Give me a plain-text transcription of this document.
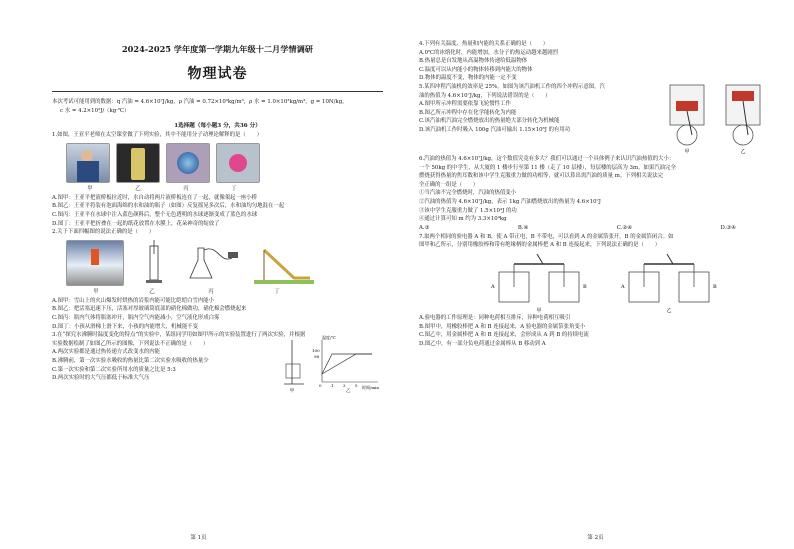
2024-2025 学年度第一学期九年级十二月学情调研
物理试卷
本次考试可能用到的数据：q 汽油 = 4.6×10⁷J/kg，ρ 汽油 = 0.72×10³kg/m³，ρ 水 = 1.0×10³kg/m³，g = 10N/kg，
c 水 = 4.2×10³J/（kg·℃）
1选择题（每小题3 分，共36 分）
1.如图，王亚平老师在太空课堂做了下列实验，其中不能用分子动理论解释的是（　　）
甲	乙	丙	丁
A.图甲：王亚平把液桥板拉近时，水自动将两片液桥板连在了一起，就像架起一座小桥
B.图乙：王亚平将装有泡面海绵的水和油的瓶子（如图）反复摇晃多次后，水和油均匀地混在一起
C.图丙：王亚平在水球中注入蓝色颜料后，整个无色透明的水球逐渐变成了蓝色的水球
D.图丁：王亚平把折叠在一起的纸花放置在水膜上，花朵神奇的绽放了
2.关于下面四幅图的说法正确的是（　　）
甲	乙	丙	丁
A.图甲：雪山上的火山爆发时烘热的岩浆内能可能比皑皑白雪内能小
B.图乙：把活塞迅速下压，活塞对厚玻璃筒底部的硝化棉做功，硝化棉会燃烧起来
C.图丙：瓶内气体将瓶塞冲开，瓶内空气内能减小，空气液化形成白雾
D.图丁：小孩从滑梯上滑下来，小孩的内能增大，机械能不变
3.在“探究水沸腾时温度变化的特点”的实验中，某组同学用如图甲所示的实验装置进行了两次实验，并根据
实验数据绘制了如图乙所示的图像，下列说法不正确的是（　　）
A.两次实验都是通过热传递方式改变水的内能
B.沸腾前，第一次实验水吸收的热量比第二次实验水吸收的热量少
C.第一次实验和第二次实验所用水的质量之比是 5:3
D.两次实验时的大气压都低于标准大气压
甲
温度/℃
时间/min
0 1 3 5
100
98
乙
第 1页
4.下列有关温度、热量和内能的关系正确的是（　　）
A.0℃的冰熔化时，内能增加，水分子的热运动越来越剧烈
B.热量总是自发地从高温物体传递给低温物体
C.温度可以从内能小的物体转移到内能大的物体
D.物体的温度不变，物体的内能一定不变
5.某四冲程汽油机的效率是 25%，如图为该汽油机工作的四个冲程示意图。汽
油的热值为 4.6×10⁷J/kg，下列说法错误的是（　　）
A.图甲所示冲程需要依靠飞轮惯性工作
B.图乙所示冲程中存在化学能转化为内能
C.该汽油机汽油完全燃烧放出的热量绝大部分转化为机械能
D.该汽油机工作时吸入 100g 汽油可输出 1.15×10⁶J 的有用功
甲	乙
6.汽油的热值为 4.6×10⁷J/kg，这个数值究竟有多大？我们可以通过一个具体例子来认识汽油热值的大小：
一个 50kg 的中学生，从大厦的 1 楼步行至第 11 楼（走了 10 层楼），每层楼的层高为 3m，如果汽油完全
燃烧获得热量的焦耳数和该中学生克服重力做的功相等，就可以算出需汽油的质量 m。下列相关说法完
全正确的一组是（　　）
①当汽油不完全燃烧时，汽油的热值变小
②汽油的热值为 4.6×10⁷J/kg，表示 1kg 汽油燃烧放出的热量为 4.6×10⁷J
③该中学生克服重力做了 1.5×10⁴J 的功
④通过计算可知 m 约为 3.3×10⁴kg
A.③	B.④	C.②④	D.③④
7.取两个相同的验电器 A 和 B，使 A 带正电，B 不带电，可以看到 A 的金属箔张开，B 的金属箔闭合。如
图甲和乙所示，分别用橡胶棒和带有绝缘柄的金属棒把 A 和 B 连接起来，下列说法正确的是（　　）
A	B
甲
A	B
乙
A.验电器的工作原理是：同种电荷相互排斥，异种电荷相互吸引
B.图甲中，用橡胶棒把 A 和 B 连接起来，A 验电器的金属箔张角变小
C.图乙中，用金属棒把 A 和 B 连接起来，会形成从 A 到 B 的持续电流
D.图乙中，有一部分负电荷通过金属棒从 B 移动到 A
第 2页
